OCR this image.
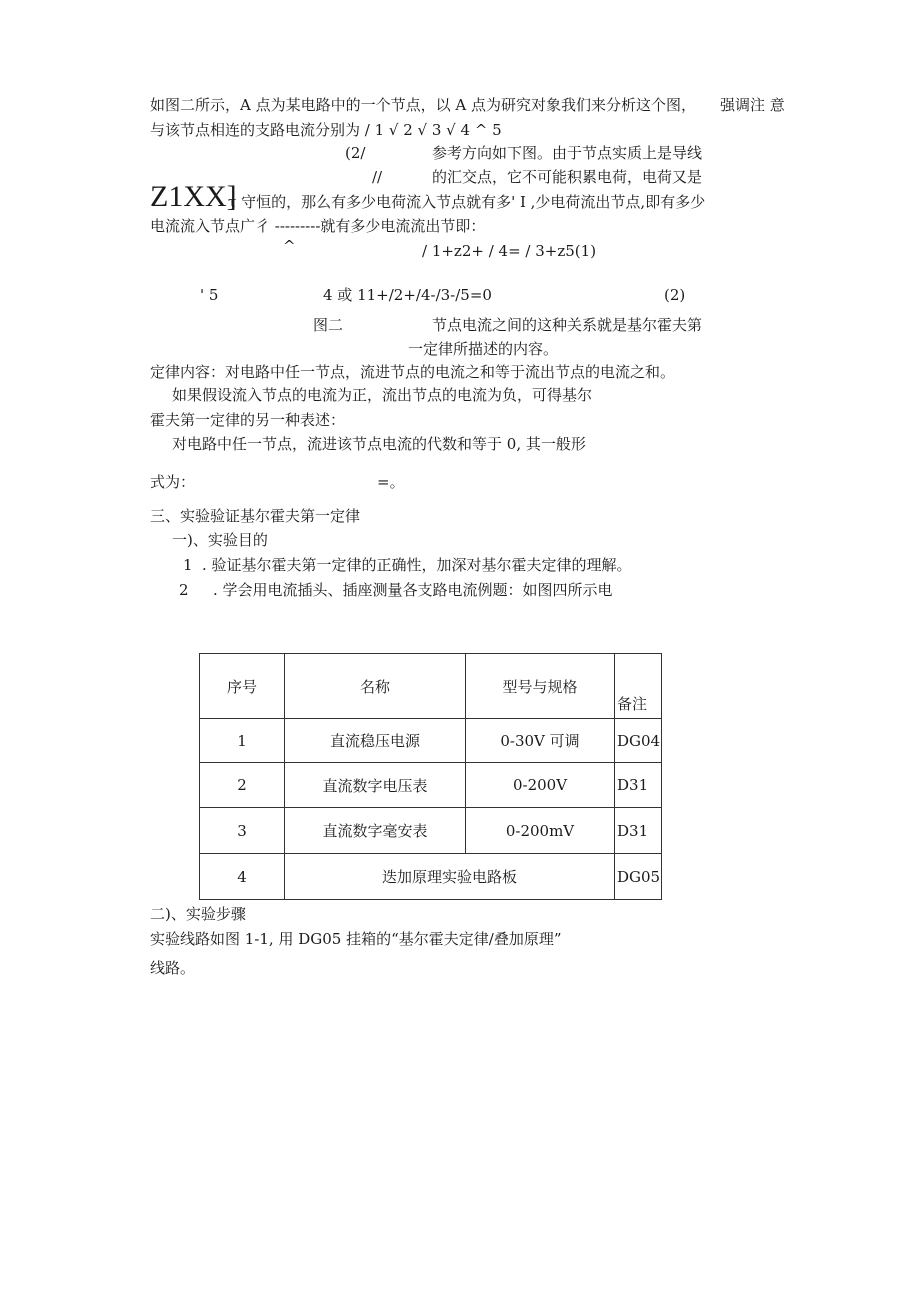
如图二所示，A 点为某电路中的一个节点，以 A 点为研究对象我们来分析这个图， 强调注 意
与该节点相连的支路电流分别为 / 1 √ 2 √ 3 √ 4 ^ 5
(2/	参考方向如下图。由于节点实质上是导线
//	的汇交点，它不可能积累电荷，电荷又是
Z1XX]
τ 守恒的，那么有多少电荷流入节点就有多' I ,少电荷流出节点,即有多少
电流流入节点广彳 ---------就有多少电流流出节即：
^	/ 1+z2+ / 4= / 3+z5(1)
' 5	4 或 11+/2+/4-/3-/5=0	(2)
图二	节点电流之间的这种关系就是基尔霍夫第
一定律所描述的内容。
定律内容：对电路中任一节点，流进节点的电流之和等于流出节点的电流之和。
如果假设流入节点的电流为正，流出节点的电流为负，可得基尔
霍夫第一定律的另一种表述：
对电路中任一节点，流进该节点电流的代数和等于 0, 其一般形
式为：	=。
三、实验验证基尔霍夫第一定律
一)、实验目的
1 . 验证基尔霍夫第一定律的正确性，加深对基尔霍夫定律的理解。
2 . 学会用电流插头、插座测量各支路电流例题：如图四所示电
序号	名称	型号与规格	备注
1	直流稳压电源	0-30V 可调	DG04
2	直流数字电压表	0-200V	D31
3	直流数字毫安表	0-200mV	D31
4	迭加原理实验电路板		DG05
二)、实验步骤
实验线路如图 1-1, 用 DG05 挂箱的“基尔霍夫定律/叠加原理”
线路。
